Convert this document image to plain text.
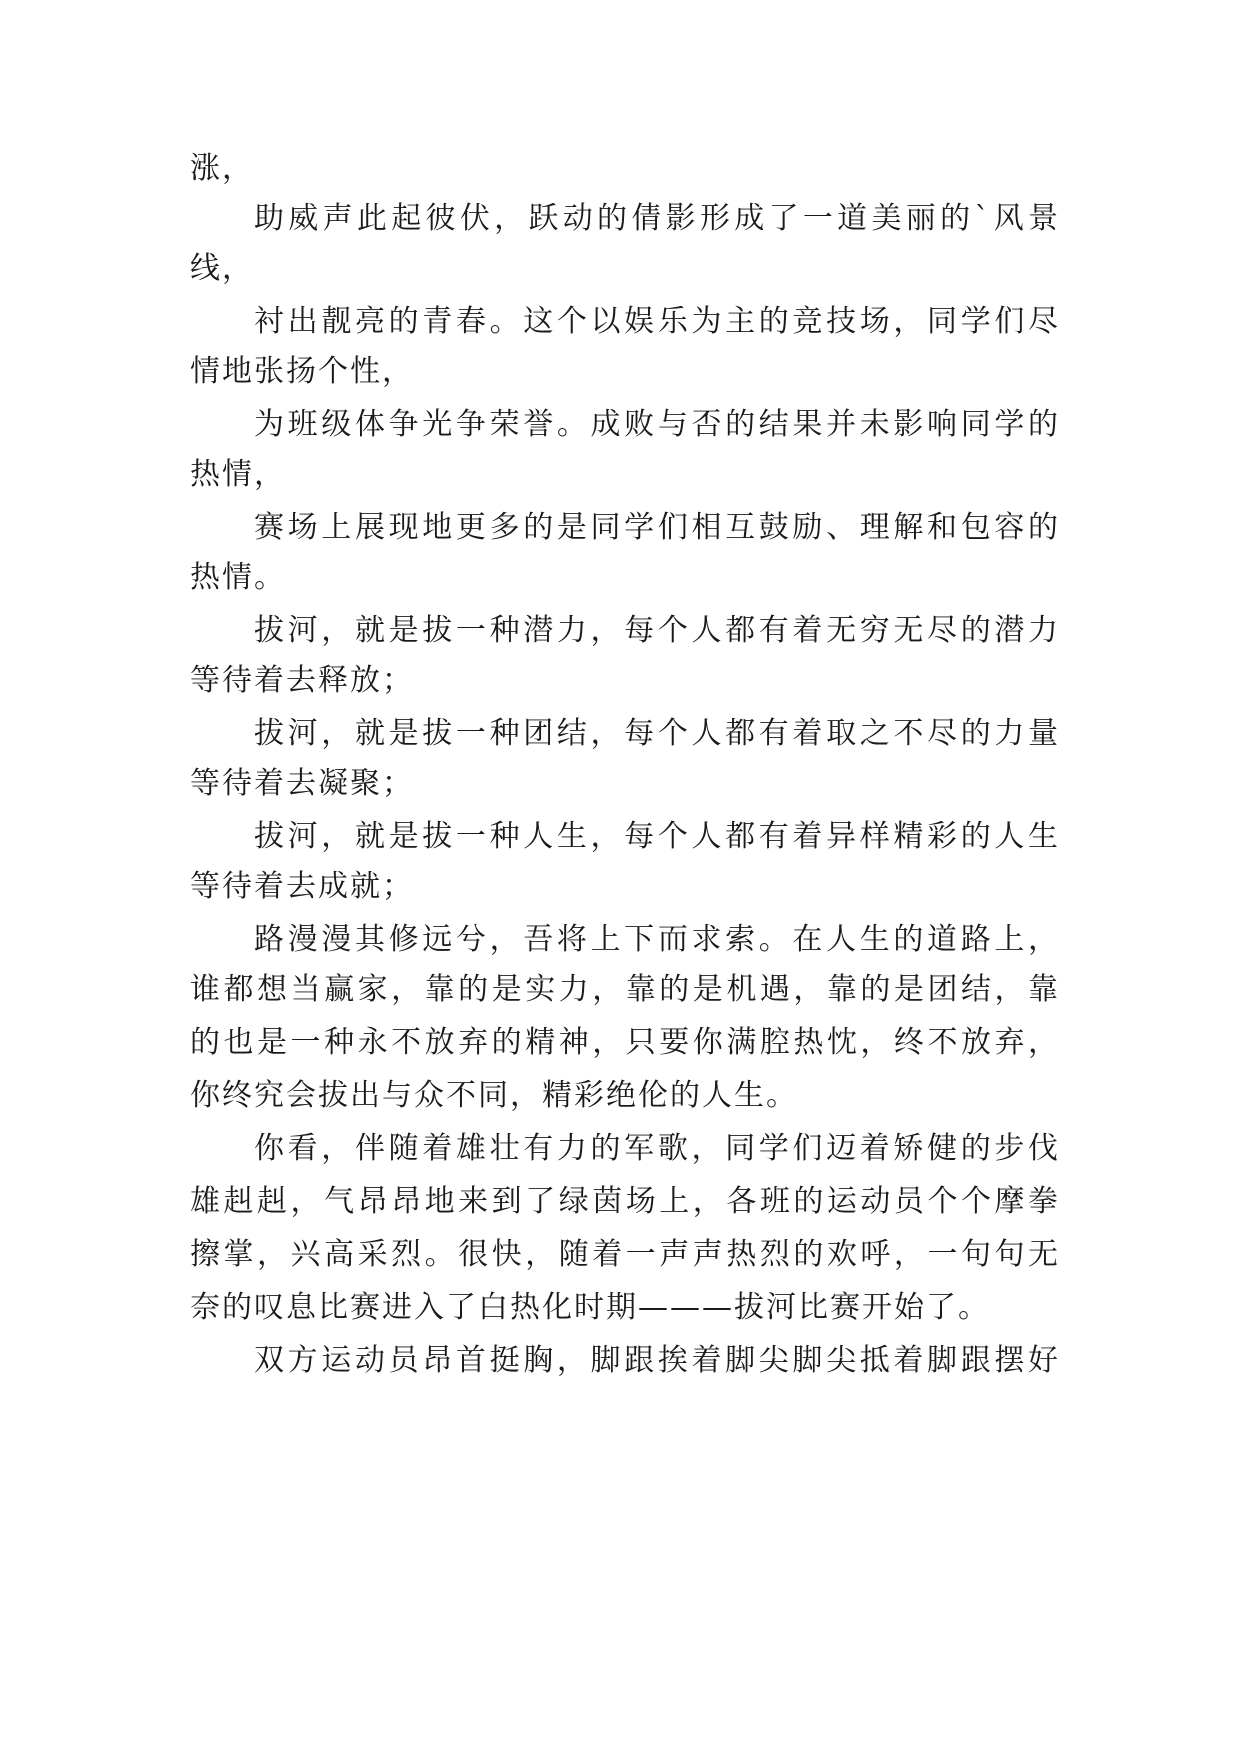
涨，
助威声此起彼伏，跃动的倩影形成了一道美丽的`风景
线，
衬出靓亮的青春。这个以娱乐为主的竞技场，同学们尽
情地张扬个性，
为班级体争光争荣誉。成败与否的结果并未影响同学的
热情，
赛场上展现地更多的是同学们相互鼓励、理解和包容的
热情。
拔河，就是拔一种潜力，每个人都有着无穷无尽的潜力
等待着去释放；
拔河，就是拔一种团结，每个人都有着取之不尽的力量
等待着去凝聚；
拔河，就是拔一种人生，每个人都有着异样精彩的人生
等待着去成就；
路漫漫其修远兮，吾将上下而求索。在人生的道路上，
谁都想当赢家，靠的是实力，靠的是机遇，靠的是团结，靠
的也是一种永不放弃的精神，只要你满腔热忱，终不放弃，
你终究会拔出与众不同，精彩绝伦的人生。
你看，伴随着雄壮有力的军歌，同学们迈着矫健的步伐
雄赳赳，气昂昂地来到了绿茵场上，各班的运动员个个摩拳
擦掌，兴高采烈。很快，随着一声声热烈的欢呼，一句句无
奈的叹息比赛进入了白热化时期———拔河比赛开始了。
双方运动员昂首挺胸，脚跟挨着脚尖脚尖抵着脚跟摆好
